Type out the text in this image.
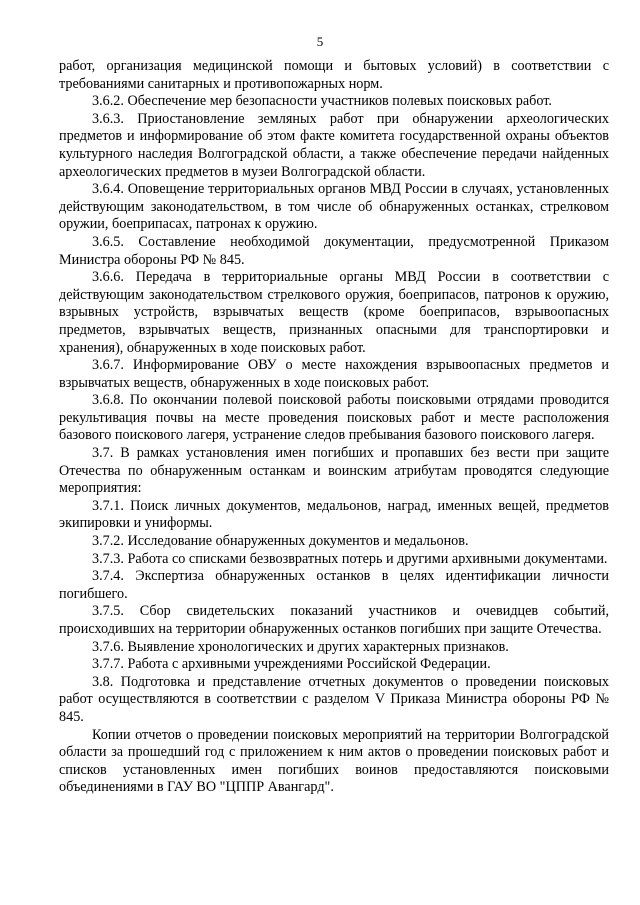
5

работ, организация медицинской помощи и бытовых условий) в соответствии с требованиями санитарных и противопожарных норм.

3.6.2. Обеспечение мер безопасности участников полевых поисковых работ.

3.6.3. Приостановление земляных работ при обнаружении археологических предметов и информирование об этом факте комитета государственной охраны объектов культурного наследия Волгоградской области, а также обеспечение передачи найденных археологических предметов в музеи Волгоградской области.

3.6.4. Оповещение территориальных органов МВД России в случаях, установленных действующим законодательством, в том числе об обнаруженных останках, стрелковом оружии, боеприпасах, патронах к оружию.

3.6.5. Составление необходимой документации, предусмотренной Приказом Министра обороны РФ № 845.

3.6.6. Передача в территориальные органы МВД России в соответствии с действующим законодательством стрелкового оружия, боеприпасов, патронов к оружию, взрывных устройств, взрывчатых веществ (кроме боеприпасов, взрывоопасных предметов, взрывчатых веществ, признанных опасными для транспортировки и хранения), обнаруженных в ходе поисковых работ.

3.6.7. Информирование ОВУ о месте нахождения взрывоопасных предметов и взрывчатых веществ, обнаруженных в ходе поисковых работ.

3.6.8. По окончании полевой поисковой работы поисковыми отрядами проводится рекультивация почвы на месте проведения поисковых работ и месте расположения базового поискового лагеря, устранение следов пребывания базового поискового лагеря.

3.7. В рамках установления имен погибших и пропавших без вести при защите Отечества по обнаруженным останкам и воинским атрибутам проводятся следующие мероприятия:

3.7.1. Поиск личных документов, медальонов, наград, именных вещей, предметов экипировки и униформы.

3.7.2. Исследование обнаруженных документов и медальонов.

3.7.3. Работа со списками безвозвратных потерь и другими архивными документами.

3.7.4. Экспертиза обнаруженных останков в целях идентификации личности погибшего.

3.7.5. Сбор свидетельских показаний участников и очевидцев событий, происходивших на территории обнаруженных останков погибших при защите Отечества.

3.7.6. Выявление хронологических и других характерных признаков.

3.7.7. Работа с архивными учреждениями Российской Федерации.

3.8. Подготовка и представление отчетных документов о проведении поисковых работ осуществляются в соответствии с разделом V Приказа Министра обороны РФ № 845.

Копии отчетов о проведении поисковых мероприятий на территории Волгоградской области за прошедший год с приложением к ним актов о проведении поисковых работ и списков установленных имен погибших воинов предоставляются поисковыми объединениями в ГАУ ВО "ЦППР Авангард".
